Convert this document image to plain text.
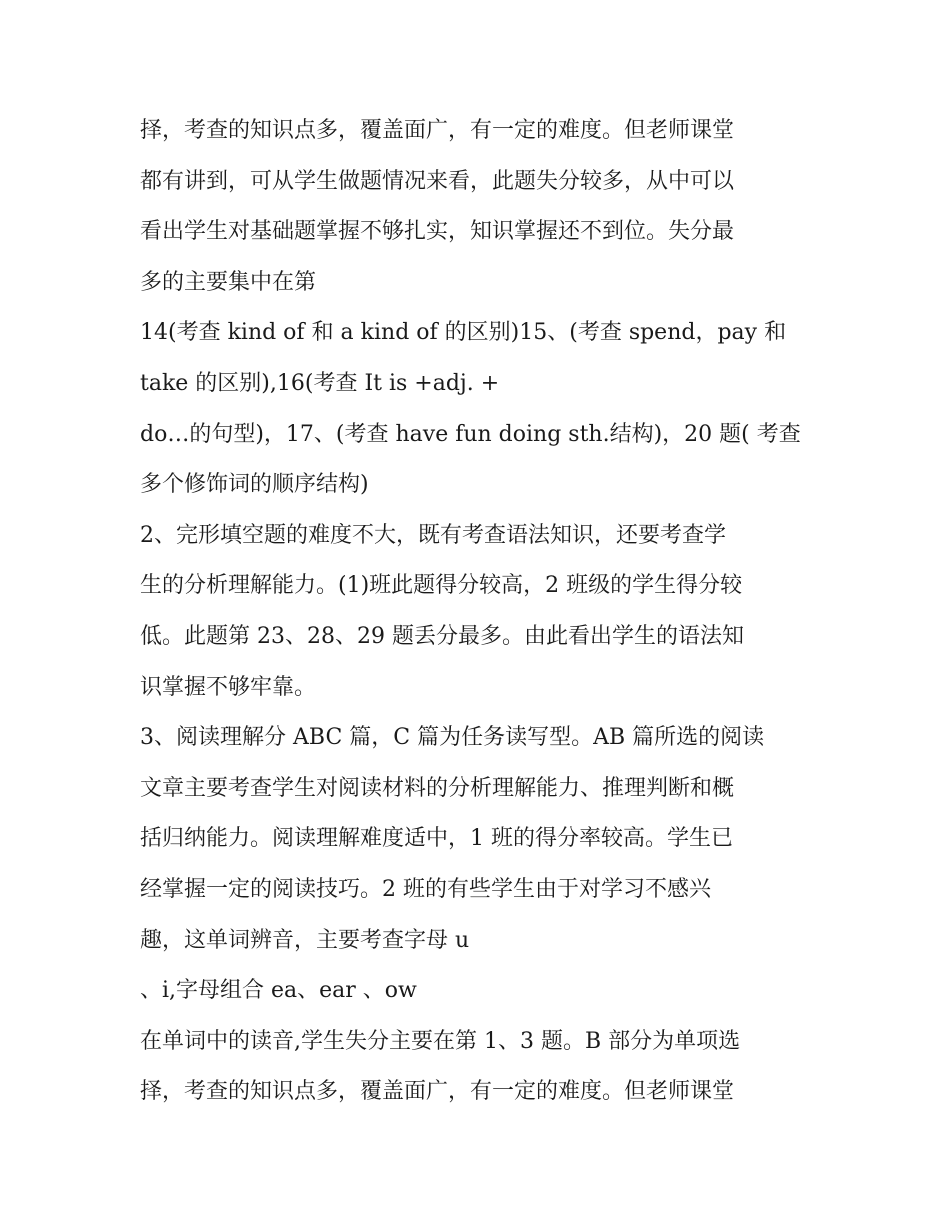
择，考查的知识点多，覆盖面广，有一定的难度。但老师课堂
都有讲到，可从学生做题情况来看，此题失分较多，从中可以
看出学生对基础题掌握不够扎实，知识掌握还不到位。失分最
多的主要集中在第
14(考查 kind of 和 a kind of 的区别)15、(考查 spend，pay 和
take 的区别),16(考查 It is +adj. +
do…的句型)，17、(考查 have fun doing sth.结构)，20 题( 考查
多个修饰词的顺序结构)
2、完形填空题的难度不大，既有考查语法知识，还要考查学
生的分析理解能力。(1)班此题得分较高，2 班级的学生得分较
低。此题第 23、28、29 题丢分最多。由此看出学生的语法知
识掌握不够牢靠。
3、阅读理解分 ABC 篇，C 篇为任务读写型。AB 篇所选的阅读
文章主要考查学生对阅读材料的分析理解能力、推理判断和概
括归纳能力。阅读理解难度适中，1 班的得分率较高。学生已
经掌握一定的阅读技巧。2 班的有些学生由于对学习不感兴
趣，这单词辨音，主要考查字母 u
、i,字母组合 ea、ear 、ow
在单词中的读音,学生失分主要在第 1、3 题。B 部分为单项选
择，考查的知识点多，覆盖面广，有一定的难度。但老师课堂
